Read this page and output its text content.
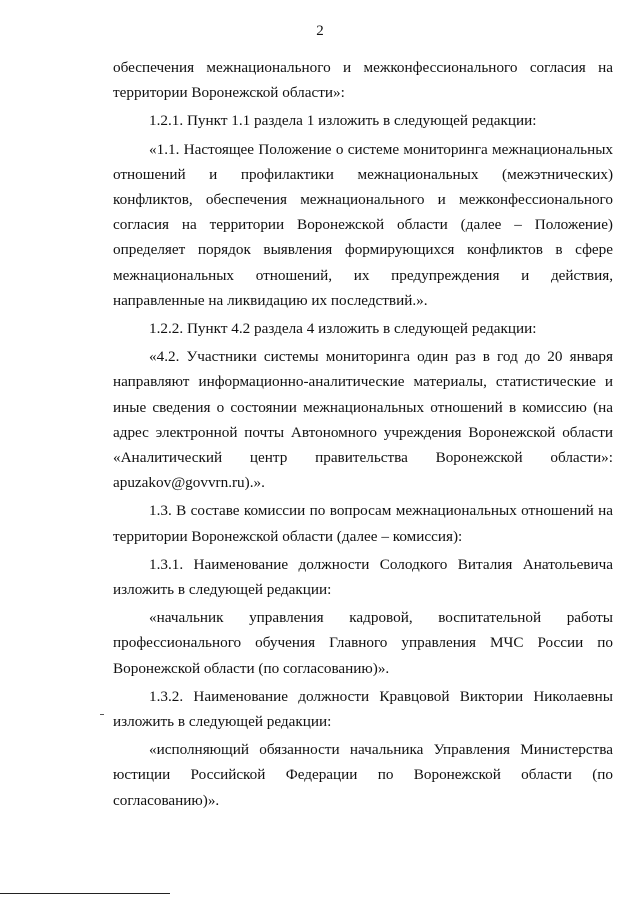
2

обеспечения межнационального и межконфессионального согласия на территории Воронежской области»:

1.2.1. Пункт 1.1 раздела 1 изложить в следующей редакции:

«1.1. Настоящее Положение о системе мониторинга межнациональных отношений и профилактики межнациональных (межэтнических) конфликтов, обеспечения межнационального и межконфессионального согласия на территории Воронежской области (далее – Положение) определяет порядок выявления формирующихся конфликтов в сфере межнациональных отношений, их предупреждения и действия, направленные на ликвидацию их последствий.».

1.2.2. Пункт 4.2 раздела 4 изложить в следующей редакции:

«4.2. Участники системы мониторинга один раз в год до 20 января направляют информационно-аналитические материалы, статистические и иные сведения о состоянии межнациональных отношений в комиссию (на адрес электронной почты Автономного учреждения Воронежской области «Аналитический центр правительства Воронежской области»: apuzakov@govvrn.ru).».

1.3. В составе комиссии по вопросам межнациональных отношений на территории Воронежской области (далее – комиссия):

1.3.1. Наименование должности Солодкого Виталия Анатольевича изложить в следующей редакции:

«начальник управления кадровой, воспитательной работы профессионального обучения Главного управления МЧС России по Воронежской области (по согласованию)».

1.3.2. Наименование должности Кравцовой Виктории Николаевны изложить в следующей редакции:

«исполняющий обязанности начальника Управления Министерства юстиции Российской Федерации по Воронежской области (по согласованию)».
